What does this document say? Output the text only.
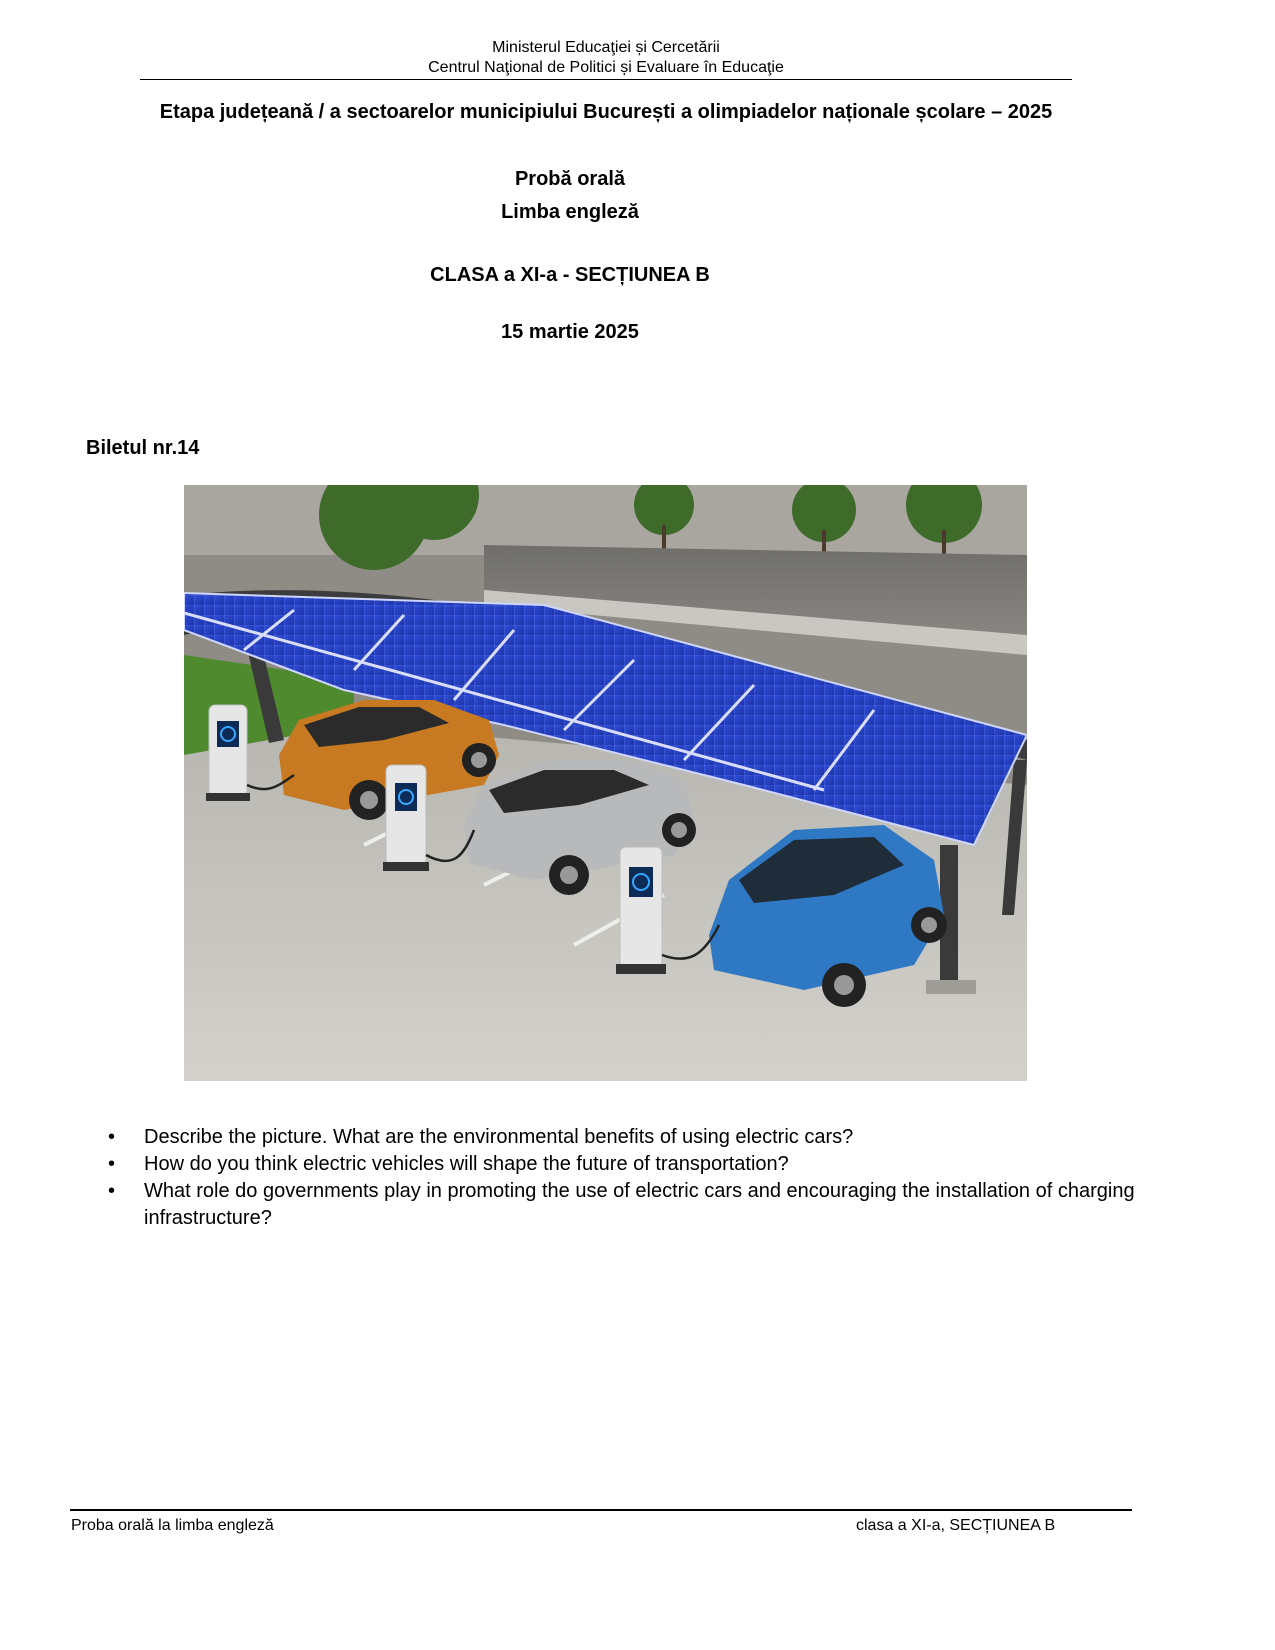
Ministerul Educaţiei și Cercetării
Centrul Naţional de Politici și Evaluare în Educaţie
Etapa județeană / a sectoarelor municipiului București a olimpiadelor naționale școlare – 2025
Probă orală
Limba engleză
CLASA a XI-a - SECȚIUNEA B
15 martie 2025
Biletul nr.14
• Describe the picture. What are the environmental benefits of using electric cars?
• How do you think electric vehicles will shape the future of transportation?
• What role do governments play in promoting the use of electric cars and encouraging the installation of charging infrastructure?
Proba orală la limba engleză	clasa a XI-a, SECȚIUNEA B
